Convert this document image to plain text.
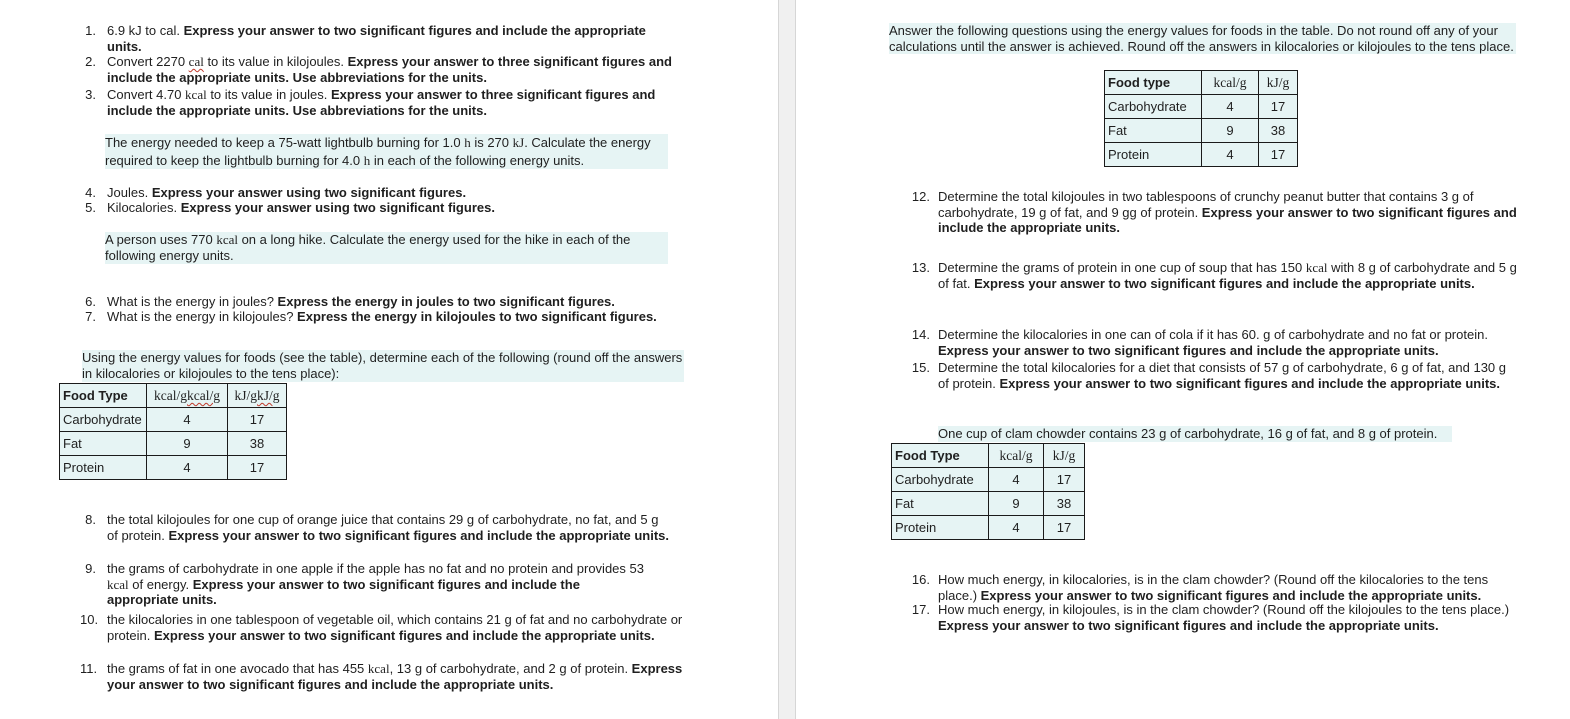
1. 6.9 kJ to cal. Express your answer to two significant figures and include the appropriate units.
2. Convert 2270 cal to its value in kilojoules. Express your answer to three significant figures and include the appropriate units. Use abbreviations for the units.
3. Convert 4.70 kcal to its value in joules. Express your answer to three significant figures and include the appropriate units. Use abbreviations for the units.
The energy needed to keep a 75-watt lightbulb burning for 1.0 h is 270 kJ. Calculate the energy required to keep the lightbulb burning for 4.0 h in each of the following energy units.
4. Joules. Express your answer using two significant figures.
5. Kilocalories. Express your answer using two significant figures.
A person uses 770 kcal on a long hike. Calculate the energy used for the hike in each of the following energy units.
6. What is the energy in joules? Express the energy in joules to two significant figures.
7. What is the energy in kilojoules? Express the energy in kilojoules to two significant figures.
Using the energy values for foods (see the table), determine each of the following (round off the answers in kilocalories or kilojoules to the tens place):
Food Type	kcal/gkcal/g	kJ/gkJ/g
Carbohydrate	4	17
Fat	9	38
Protein	4	17
8. the total kilojoules for one cup of orange juice that contains 29 g of carbohydrate, no fat, and 5 g of protein. Express your answer to two significant figures and include the appropriate units.
9. the grams of carbohydrate in one apple if the apple has no fat and no protein and provides 53 kcal of energy. Express your answer to two significant figures and include the appropriate units.
10. the kilocalories in one tablespoon of vegetable oil, which contains 21 g of fat and no carbohydrate or protein. Express your answer to two significant figures and include the appropriate units.
11. the grams of fat in one avocado that has 455 kcal, 13 g of carbohydrate, and 2 g of protein. Express your answer to two significant figures and include the appropriate units.
Answer the following questions using the energy values for foods in the table. Do not round off any of your calculations until the answer is achieved. Round off the answers in kilocalories or kilojoules to the tens place.
Food type	kcal/g	kJ/g
Carbohydrate	4	17
Fat	9	38
Protein	4	17
12. Determine the total kilojoules in two tablespoons of crunchy peanut butter that contains 3 g of carbohydrate, 19 g of fat, and 9 gg of protein. Express your answer to two significant figures and include the appropriate units.
13. Determine the grams of protein in one cup of soup that has 150 kcal with 8 g of carbohydrate and 5 g of fat. Express your answer to two significant figures and include the appropriate units.
14. Determine the kilocalories in one can of cola if it has 60. g of carbohydrate and no fat or protein. Express your answer to two significant figures and include the appropriate units.
15. Determine the total kilocalories for a diet that consists of 57 g of carbohydrate, 6 g of fat, and 130 g of protein. Express your answer to two significant figures and include the appropriate units.
One cup of clam chowder contains 23 g of carbohydrate, 16 g of fat, and 8 g of protein.
Food Type	kcal/g	kJ/g
Carbohydrate	4	17
Fat	9	38
Protein	4	17
16. How much energy, in kilocalories, is in the clam chowder? (Round off the kilocalories to the tens place.) Express your answer to two significant figures and include the appropriate units.
17. How much energy, in kilojoules, is in the clam chowder? (Round off the kilojoules to the tens place.) Express your answer to two significant figures and include the appropriate units.
